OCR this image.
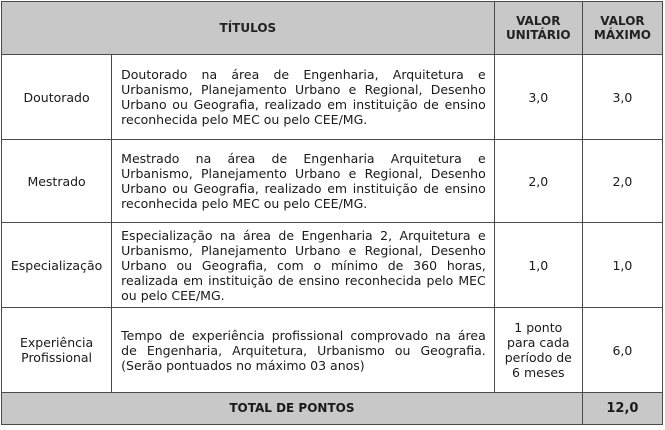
TÍTULOS		VALOR UNITÁRIO	VALOR MÁXIMO
Doutorado	Doutorado na área de Engenharia, Arquitetura e Urbanismo, Planejamento Urbano e Regional, Desenho Urbano ou Geografia, realizado em instituição de ensino reconhecida pelo MEC ou pelo CEE/MG.	3,0	3,0
Mestrado	Mestrado na área de Engenharia Arquitetura e Urbanismo, Planejamento Urbano e Regional, Desenho Urbano ou Geografia, realizado em instituição de ensino reconhecida pelo MEC ou pelo CEE/MG.	2,0	2,0
Especialização	Especialização na área de Engenharia 2, Arquitetura e Urbanismo, Planejamento Urbano e Regional, Desenho Urbano ou Geografia, com o mínimo de 360 horas, realizada em instituição de ensino reconhecida pelo MEC ou pelo CEE/MG.	1,0	1,0
Experiência Profissional	Tempo de experiência profissional comprovado na área de Engenharia, Arquitetura, Urbanismo ou Geografia. (Serão pontuados no máximo 03 anos)	1 ponto para cada período de 6 meses	6,0
TOTAL DE PONTOS			12,0
